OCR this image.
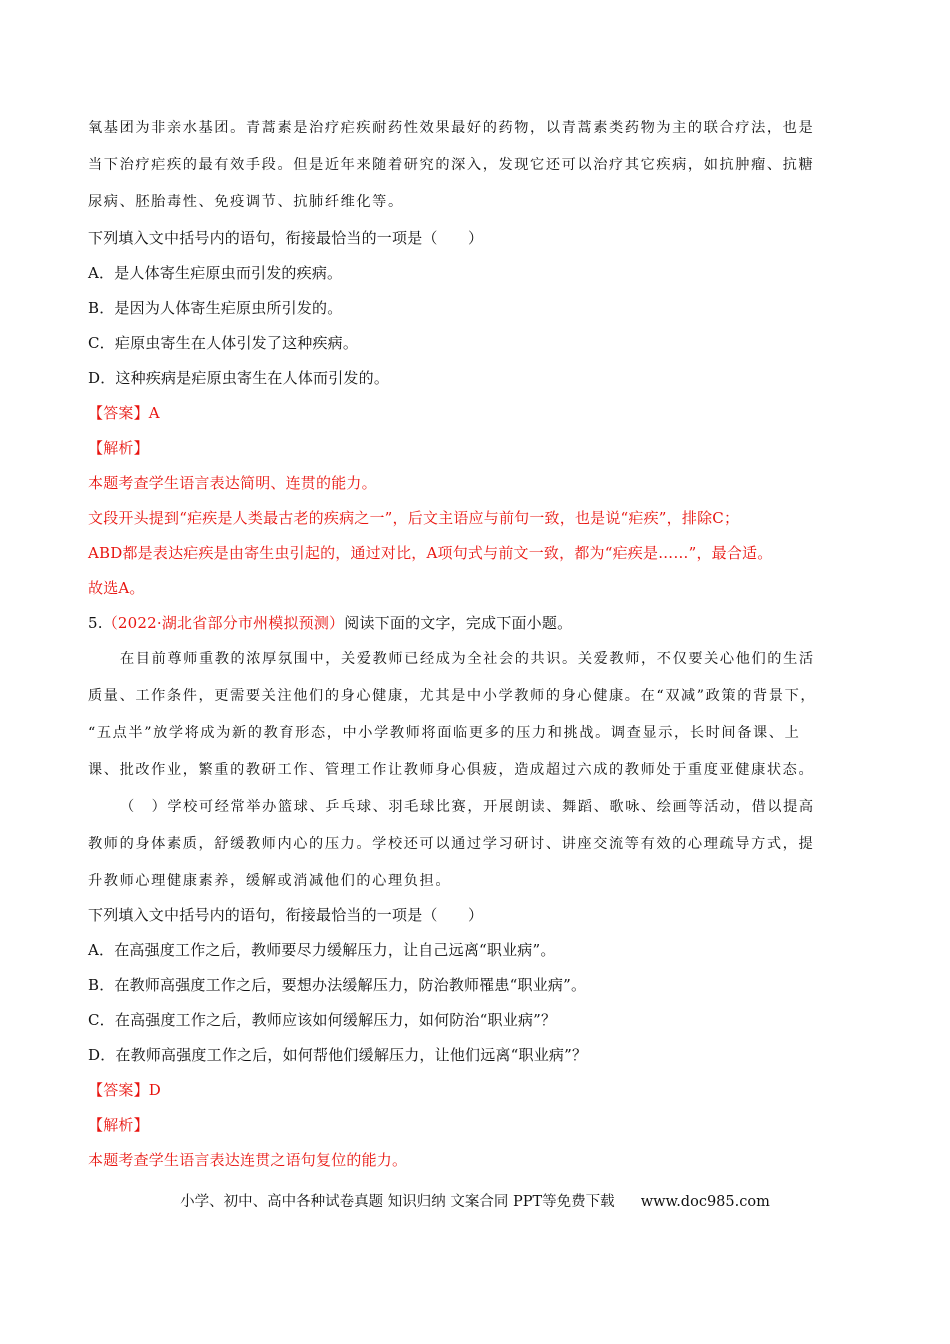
氧基团为非亲水基团。青蒿素是治疗疟疾耐药性效果最好的药物，以青蒿素类药物为主的联合疗法，也是
当下治疗疟疾的最有效手段。但是近年来随着研究的深入，发现它还可以治疗其它疾病，如抗肿瘤、抗糖
尿病、胚胎毒性、免疫调节、抗肺纤维化等。
下列填入文中括号内的语句，衔接最恰当的一项是（　　）
A．是人体寄生疟原虫而引发的疾病。
B．是因为人体寄生疟原虫所引发的。
C．疟原虫寄生在人体引发了这种疾病。
D．这种疾病是疟原虫寄生在人体而引发的。
【答案】A
【解析】
本题考查学生语言表达简明、连贯的能力。
文段开头提到“疟疾是人类最古老的疾病之一”，后文主语应与前句一致，也是说“疟疾”，排除C；
ABD都是表达疟疾是由寄生虫引起的，通过对比，A项句式与前文一致，都为“疟疾是……”，最合适。
故选A。
5.（2022·湖北省部分市州模拟预测）阅读下面的文字，完成下面小题。
在目前尊师重教的浓厚氛围中，关爱教师已经成为全社会的共识。关爱教师，不仅要关心他们的生活
质量、工作条件，更需要关注他们的身心健康，尤其是中小学教师的身心健康。在“双减”政策的背景下，
“五点半”放学将成为新的教育形态，中小学教师将面临更多的压力和挑战。调查显示，长时间备课、上
课、批改作业，繁重的教研工作、管理工作让教师身心俱疲，造成超过六成的教师处于重度亚健康状态。
（　）学校可经常举办篮球、乒乓球、羽毛球比赛，开展朗读、舞蹈、歌咏、绘画等活动，借以提高
教师的身体素质，舒缓教师内心的压力。学校还可以通过学习研讨、讲座交流等有效的心理疏导方式，提
升教师心理健康素养，缓解或消减他们的心理负担。
下列填入文中括号内的语句，衔接最恰当的一项是（　　）
A．在高强度工作之后，教师要尽力缓解压力，让自己远离“职业病”。
B．在教师高强度工作之后，要想办法缓解压力，防治教师罹患“职业病”。
C．在高强度工作之后，教师应该如何缓解压力，如何防治“职业病”？
D．在教师高强度工作之后，如何帮他们缓解压力，让他们远离“职业病”？
【答案】D
【解析】
本题考查学生语言表达连贯之语句复位的能力。
小学、初中、高中各种试卷真题 知识归纳 文案合同 PPT等免费下载 www.doc985.com
